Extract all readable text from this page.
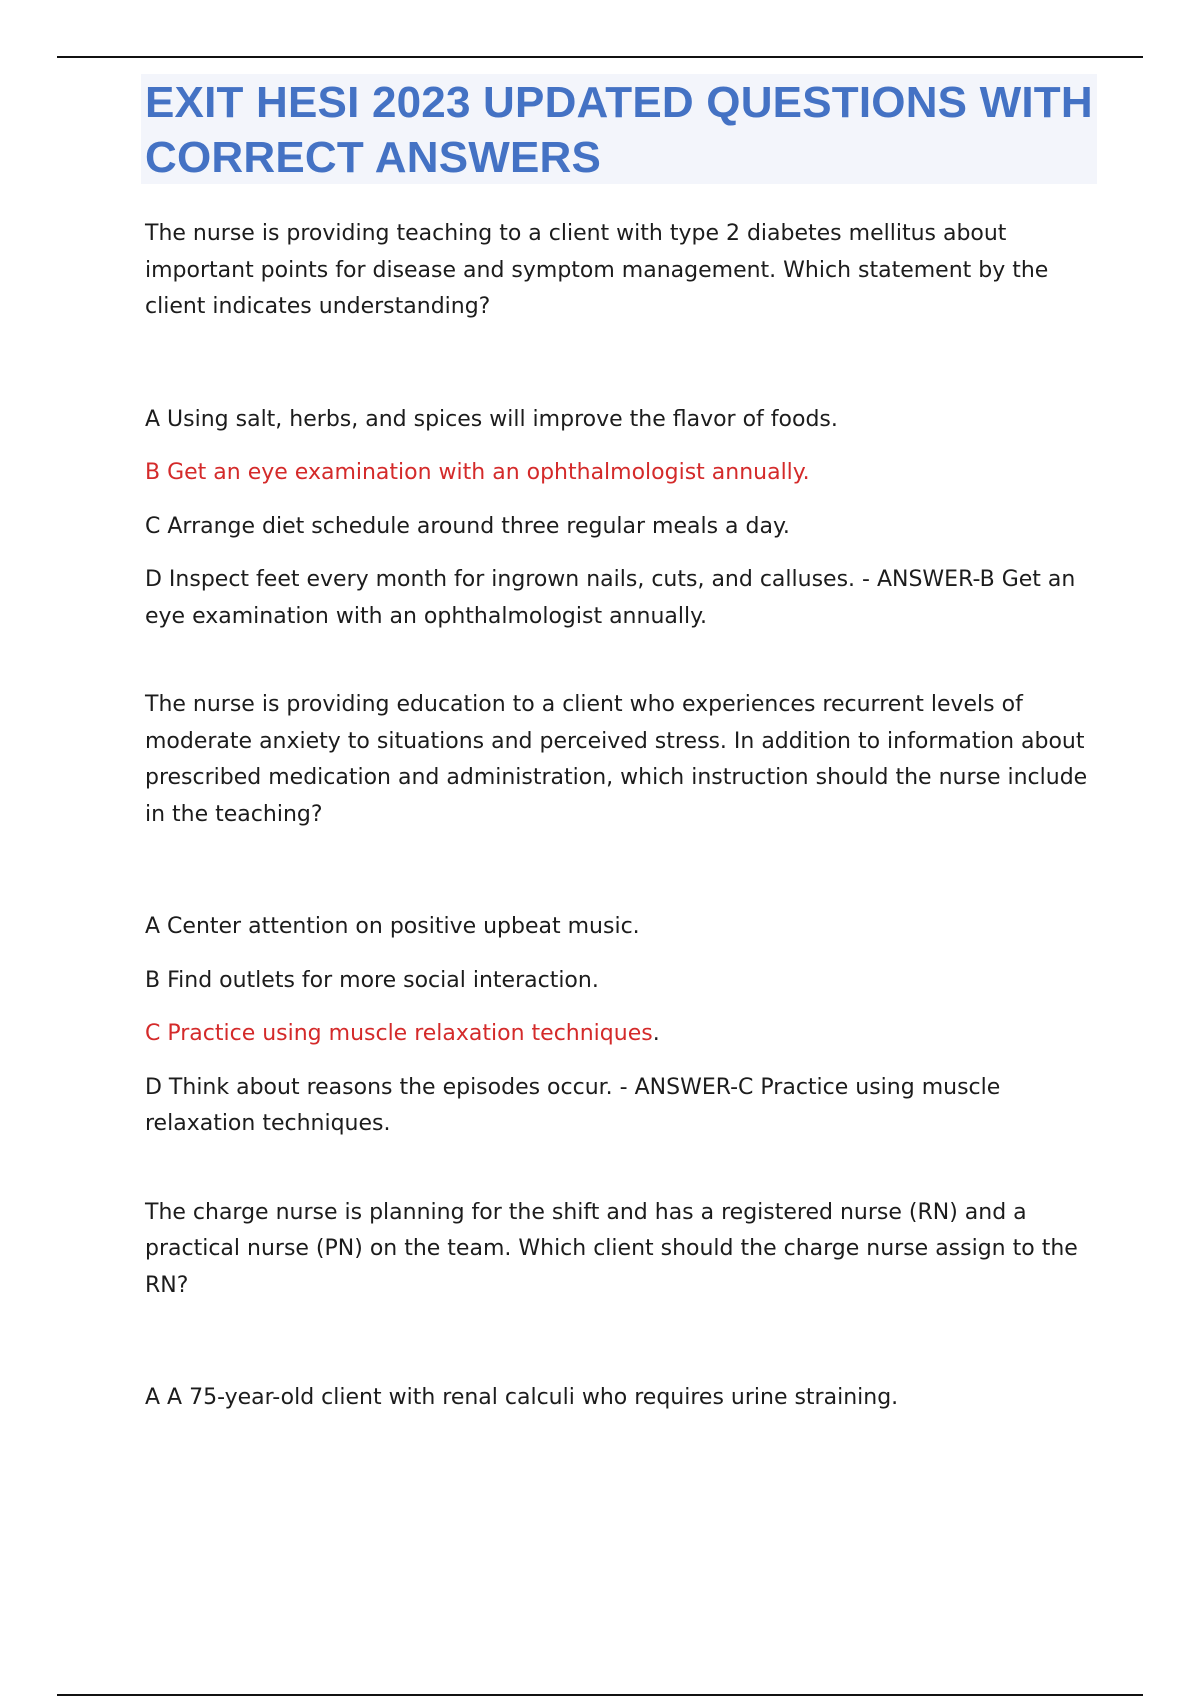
EXIT HESI 2023 UPDATED QUESTIONS WITH CORRECT ANSWERS

The nurse is providing teaching to a client with type 2 diabetes mellitus about important points for disease and symptom management. Which statement by the client indicates understanding?

A Using salt, herbs, and spices will improve the flavor of foods.

B Get an eye examination with an ophthalmologist annually.

C Arrange diet schedule around three regular meals a day.

D Inspect feet every month for ingrown nails, cuts, and calluses. - ANSWER-B Get an eye examination with an ophthalmologist annually.

The nurse is providing education to a client who experiences recurrent levels of moderate anxiety to situations and perceived stress. In addition to information about prescribed medication and administration, which instruction should the nurse include in the teaching?

A Center attention on positive upbeat music.

B Find outlets for more social interaction.

C Practice using muscle relaxation techniques.

D Think about reasons the episodes occur. - ANSWER-C Practice using muscle relaxation techniques.

The charge nurse is planning for the shift and has a registered nurse (RN) and a practical nurse (PN) on the team. Which client should the charge nurse assign to the RN?

A A 75-year-old client with renal calculi who requires urine straining.
